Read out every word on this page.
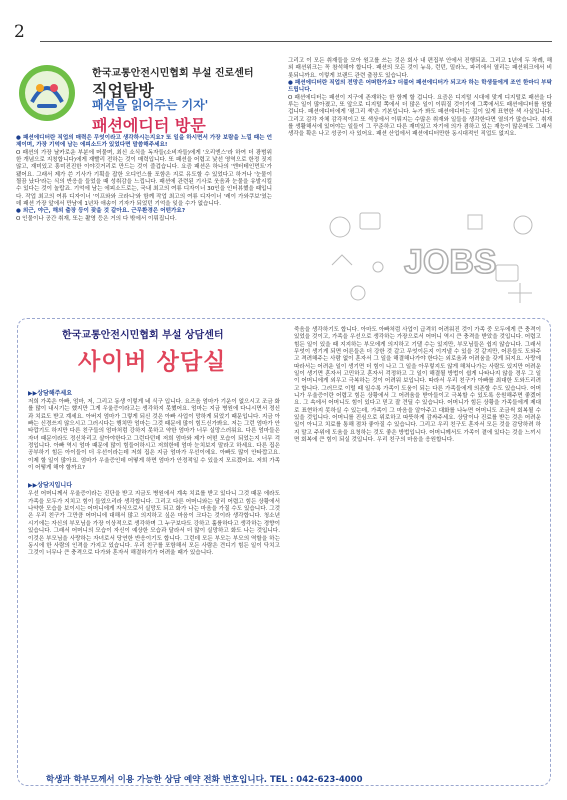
2
한국교통안전시민협회 부설 진로센터
직업탐방
패션을 읽어주는 기자'
패션에디터 방문

● 패션에디터란 직업의 매력은 무엇이라고 생각하시는지요? 또 일을 하시면서 가장 보람을 느낄 때는 언제이며, 가장 기억에 남는 에피소드가 있었다면 말씀해주세요!

O 패션의 가장 날카로운 부분에 머물며, 최신 소식을 독자들(소비자들)에게 '오리엔스'라 하여 더 광범위한 개념으로 지칭합니다)에게 재빨리 전하는 것이 매력입니다. 또 패션을 어렵고 낯선 영역으로 한정 짓지 않고, 재미있고 흥미진진한 이야깃거리로 만드는 것이 즐겁습니다. 요즘 패션은 하나의 '엔터테인먼트'가 됐어요. 그래서 제가 쓴 기사가 기획을 잡한 오디언스를 포함은 지로 유도할 수 있었다고 하거나 '눈물이 찔끔 났다'라는 식의 반응을 들었을 때 성취감을 느낍니다. 패션에 관련된 기사로 웃음과 눈물을 유발시킬 수 있다는 것이 놀랍죠. 기억에 남는 에피소드로는, 국내 최고의 여류 디자이너 30인을 인터뷰했을 때입니다. 작업 최고의 여류 디자이너 '이프와와 크라니'와 함께 작업 최고의 여류 디자이너 '레이 가와쿠보'였는데 패션 가장 앞에서 만남에 1년차 애송이 기자가 되었던 기억을 잊을 수가 없습니다.

● 외근, 야근, 해외 출장 등이 잦을 것 같아요. 근무환경은 어떤가요?

O 인물이나 공간 취재, 또는 촬영 등은 거의 다 밖에서 이뤄집니다.

그리고 이 모든 취재들을 모아 원고를 쓰는 것은 회사 내 편집부 안에서 진행되죠. 그리고 1년에 두 차례, 해외 패션위크는 꼭 참석해야 합니다. 패션의 모든 것이 뉴욕, 런던, 밀라노, 파리에서 열리는 패션위크에서 비롯되니까요. 이렇게 브랜드 관련 출장도 있습니다.

● 패션에디터란 직업의 전망은 어떠한가요? 더불어 패션에디터가 되고자 하는 학생들에게 조언 한마디 부탁드립니다.

O 패션에디터는 패션이 지구에 존재하는 한 함께 할 겁니다. 요즘은 디지털 시대에 맞게 디지털로 패션을 다루는 일이 많아졌고, 또 앞으로 디지털 쪽에서 더 많은 일이 이뤄질 것이기에 그쪽에서도 패션에디터를 원할 겁니다. 패션에디터에게 '평그리 색'은 기본입니다. 누가 봐도 패션에디터는 깊이 있게 표현한 색 사실입니다. 그리고 감각 자체 감각적이고 또 색상에서 이뤄지는 수많은 취재와 일들을 생각한다면 열의가 많습니다. 취재를 생활해서에 있어야는 일들이 그 꾸준하고 다른 재미있고 자기에 의가 겸하고 있는 재능이 많은데도 그래서 생각을 확은 나고 성공이 사 있어요. 패션 산업에서 패션에디터만한 동시대적인 직업도 없지요.

JOBS
한국교통안전시민협회 부설 상담센터
사이버 상담실

▶▶상담해주세요

저희 가족은 아빠, 엄마, 저, 그리고 동생 이렇게 네 식구 입니다. 요즈음 엄마가 기운이 없으시고 조금 화를 많이 내시기는 했지만 그게 우울증이라고는 생각하지 못했어요. 엄마는 지금 병원에 다니시면서 정신과 치료도 받고 계세요. 아버지 엄마가 그렇게 되신 것은 아빠 사업이 망하게 되었기 때문입니다. 지금 아빠는 신경쓰지 않으시고 그러시다는 행치만 엄마는 그것 때문에 많이 힘드신가봐요. 저는 그런 엄마가 안타깝기도 하지만 다른 친구들의 엄마처럼 강하지 못하고 약한 엄마가 너무 실망스러워요. 다른 엄마들은 자녀 때문이라도 정신차리고 살아야한다고 그런다던데 저희 엄마와 제가 어떤 모습이 되었는지 너무 걱정입니다. 아빠 역시 엄마 때문에 많이 힘들어하시고 저희한테 엄마 눈치보지 말라고 하세요. 다른 집은 공부하기 힘든 아이들이 더 우선이라는데 저희 집은 지금 엄마가 우선이에요. 아빠도 많이 안타깝고요. 이제 할 일이 많아요. 엄마가 우울증인데 어떻게 하면 엄마가 안정적일 수 있을지 모르겠어요. 저희 가족이 어떻게 해야 할까요?

▶▶상담지입니다

우선 어머니께서 우울증이라는 진단을 받고 지금도 병원에서 계속 치료를 받고 있다니 그것 때문 에라도 가족을 모두가 지치고 힘이 들었으리라 생각합니다. 그리고 다른 어머니와는 달리 어렵고 힘든 상황에서 나약한 모습을 보이시는 어머니에게 자식으로서 실망도 되고 화가 나는 마음을 가질 수도 있습니다. 그것은 우리 친구가 그만큼 어머니에 대해서 많고 의지하고 싶은 마음이 크다는 것이라 생각합니다. 청소년 시기에는 자신의 부모님을 가장 이상적으로 생각하며 그 누구보다도 강하고 훌륭하다고 생각하는 경향이 있습니다. 그래서 어머니의 모습이 자신이 예상한 모습과 달라서 더 많이 실망하고 화도 나는 것입니다. 이것은 부모님을 사랑하는 자녀로서 당연한 반응이기도 합니다. 그런데 모든 부모는 부모의 역할을 하는 동시에 한 사람의 인격을 가지고 있습니다. 우리 친구를 포함해서 모든 사람은 견디기 힘든 일이 닥치고 그것이 너무나 큰 충격으로 다가와 혼자서 해결하기가 어려울 때가 있습니다.

죽음을 생각하기도 합니다. 아마도 아빠처럼 사업이 급격히 어려워진 것이 가족 중 모두에게 큰 충격이 있었을 것이고, 가족을 우선으로 생각하는 가장으로서 어머니 역시 큰 충격을 받았을 것입니다. 어렵고 힘든 일이 있을 때 지지하는 부모에게 의지하고 기댈 수는 있지만, 부모님들은 쉽지 않습니다. 그래서 무엇이 생기게 되면 어른들은 더 강한 것 같고 무엇이든지 이겨낼 수 있을 것 같지만, 어른들도 도와주고 격려해주는 사람 없이 혼자서 그 일을 해결해나가야 한다는 외로움과 어려움을 갖게 되지요. 사랑에 따라서는 어려운 일이 생기면 더 힘이 나고 그 일을 아무렇지도 않게 해쳐나가는 사람도 있지만 어려운 일이 생기면 혼자서 고민하고 혼자서 걱정하고 그 일이 해결될 방법이 쉽게 나타나지 않을 경우 그 일이 어머니에게 외우고 극복하는 것이 어려워 보입니다. 따라서 우리 친구가 아빠를 최대한 도와드리려고 합니다. 그러므로 이럴 때 일수록 가족이 도움이 되는 다른 가족들에게 의존할 수도 있습니다. 어머니가 우울증이란 어렵고 힘든 상황에서 그 어려움을 받아들이고 극복할 수 있도록 응원해주면 좋겠어요. 그 속에서 어머니도 힘이 있다고 믿고 잘 견딜 수 있습니다. 어머니가 힘든 상황을 가족들에게 제대로 표현하지 못하실 수 있는데, 가족이 그 마음을 알아주고 대화를 나누면 어머니도 조금씩 회복될 수 있을 것입니다. 어머니를 진심으로 위로하고 따뜻하게 감싸주세요. 상담이나 진료를 받는 것은 어려운 일이 아니고 치료를 통해 점차 좋아질 수 있습니다. 그리고 우리 친구도 혼자서 모든 것을 감당하려 하지 말고 주위에 도움을 요청하는 것도 좋은 방법입니다. 어머니께서도 가족이 곁에 있다는 것을 느끼시면 회복에 큰 힘이 되실 것입니다. 우리 친구의 마음을 응원합니다.

학생과 학부모께서 이용 가능한 상담 예약 전화 번호입니다. TEL : 042-623-4000
